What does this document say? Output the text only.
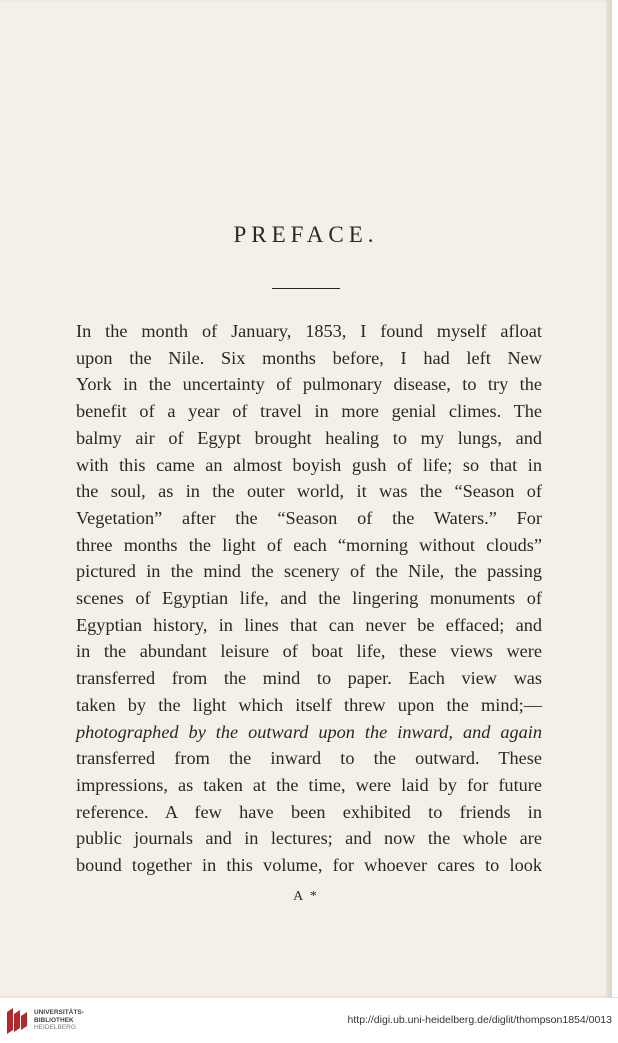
PREFACE.
In the month of January, 1853, I found myself afloat
upon the Nile. Six months before, I had left New
York in the uncertainty of pulmonary disease, to try the
benefit of a year of travel in more genial climes. The
balmy air of Egypt brought healing to my lungs, and
with this came an almost boyish gush of life; so that in
the soul, as in the outer world, it was the “Season of
Vegetation” after the “Season of the Waters.” For
three months the light of each “morning without clouds”
pictured in the mind the scenery of the Nile, the passing
scenes of Egyptian life, and the lingering monuments of
Egyptian history, in lines that can never be effaced; and
in the abundant leisure of boat life, these views were
transferred from the mind to paper. Each view was
taken by the light which itself threw upon the mind;—
photographed by the outward upon the inward, and again
transferred from the inward to the outward. These
impressions, as taken at the time, were laid by for future
reference. A few have been exhibited to friends in
public journals and in lectures; and now the whole are
bound together in this volume, for whoever cares to look
A *
UNIVERSITÄTS-
BIBLIOTHEK
HEIDELBERG
http://digi.ub.uni-heidelberg.de/diglit/thompson1854/0013
